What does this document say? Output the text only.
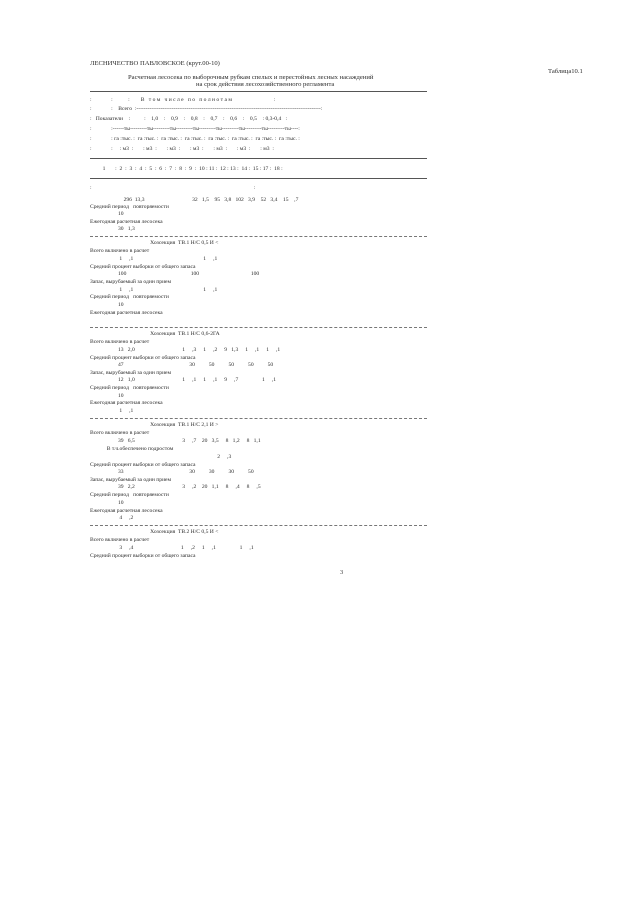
ЛЕСНИЧЕСТВО ПАВЛОВСКОЕ (крут.00-10)
Таблица10.1
Расчетная лесосека по выборочным рубкам спелых и перестойных лесных насаждений
на срок действия лесохозяйственного регламента
:              :           :        В   т о м   ч и с л е   п о   п о л н о т а м                              :
:              :    Всего  :---------------------------------------------------------------------------------------------------:
:   Показатели    :          :    1,0    :    0,9    :    0,8    :    0,7    :    0,6    :    0,5    : 0,3-0,4   :
:              :------ты---------ты---------ты---------ты---------ты---------ты---------ты---------ты----:
:              : га :тыс. :  га :тыс. :  га :тыс. :  га :тыс. :  га :тыс. :  га :тыс. :  га :тыс. :  га :тыс. :
:              :     : м3  :       : м3  :       : м3  :       : м3  :       : м3  :       : м3  :       : м3  :
1       :  2  :  3  :  4  :  5  :  6  :  7  :  8  :  9  :  10 : 11 :  12 : 13 :  14 :  15 : 17 :  18 :
:                                                                                                                    :
296  13,3                                  32   1,5    95   3,8   102   3,9    52   3,4    15    ,7
Средний период   повторяемости
10
Ежегодная расчетная лесосека
30   1,3
Хозсекция  ТВ.1 Н/С 0,5 И <
Всего включено в расчет
1     ,1                                                  1     ,1
Средний процент выборки от общего запаса
100                                              100                                     100
Запас, вырубаемый за один прием
1     ,1                                                  1     ,1
Средний период   повторяемости
10
Ежегодная расчетная лесосека
Хозсекция  ТВ.1 Н/С 0,6-2ГА
Всего включено в расчет
13   2,0                                  1     ,3     1     ,2     9   1,3     1     ,1     1     ,1
Средний процент выборки от общего запаса
47                                               30          50          50          50          50
Запас, вырубаемый за один прием
12   1,0                                  1     ,1     1     ,1     9     ,7                 1     ,1
Средний период   повторяемости
10
Ежегодная расчетная лесосека
1     ,1
Хозсекция  ТВ.1 Н/С 2,1 И >
Всего включено в расчет
39   6,5                                  3     ,7    20   3,5     8   1,2     8   1,1
В т.ч.обеспечено подростом
2     ,3
Средний процент выборки от общего запаса
33                                               30          30          30          50
Запас, вырубаемый за один прием
39   2,2                                  3     ,2    20   1,1     8     ,4     8     ,5
Средний период   повторяемости
10
Ежегодная расчетная лесосека
4     ,2
Хозсекция  ТВ.2 Н/С 0,5 И <
Всего включено в расчет
3     ,4                                  1     ,2     1     ,1                 1     ,1
Средний процент выборки от общего запаса
3
